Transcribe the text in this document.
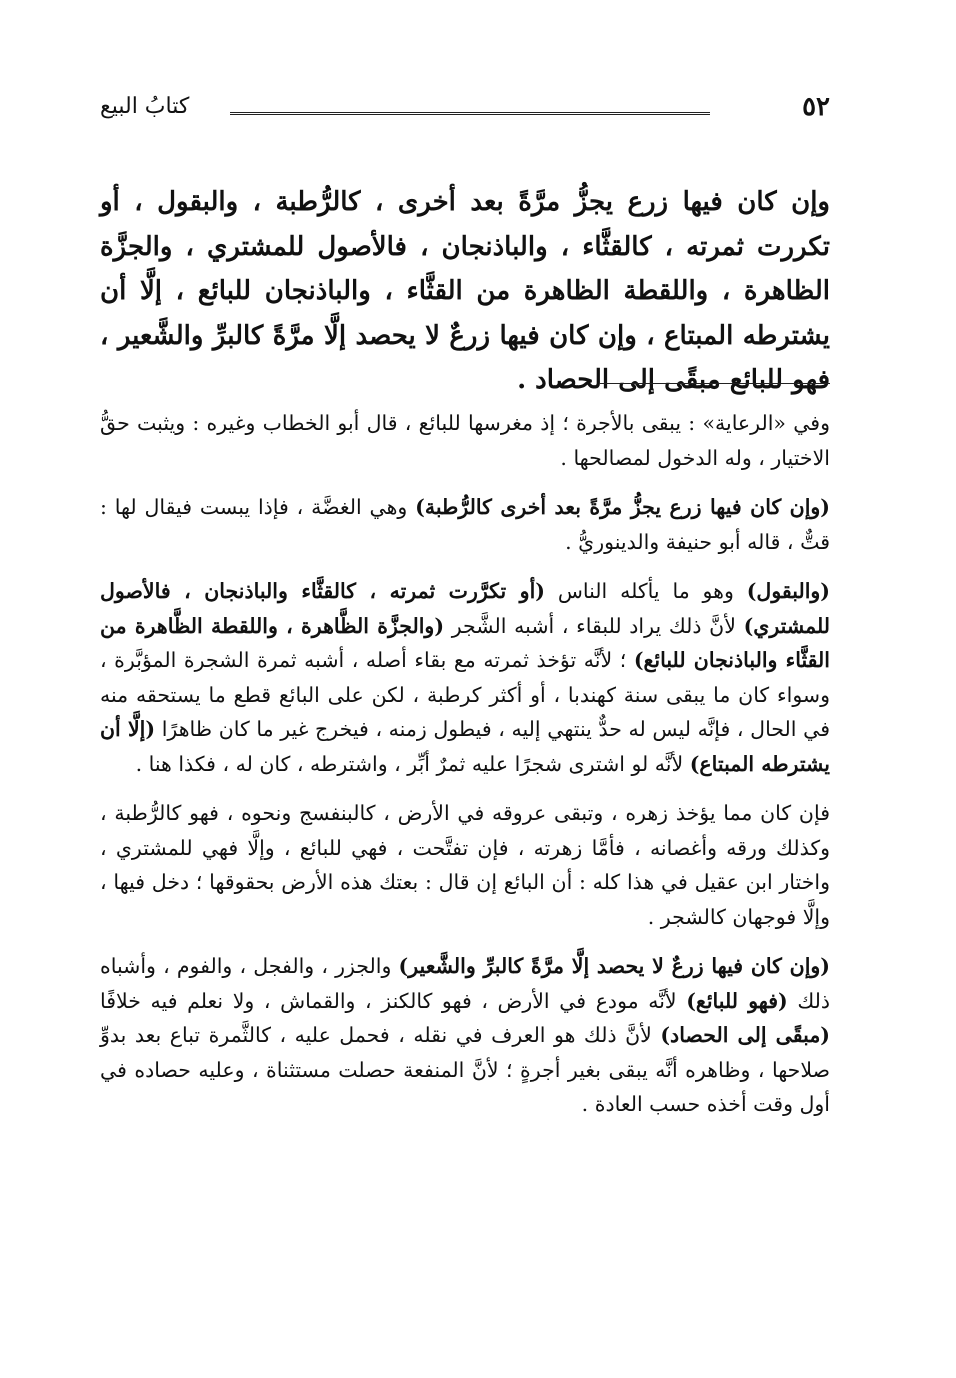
٥٢
كتابُ البيع
وإن كان فيها زرع يجزُّ مرَّةً بعد أخرى ، كالرُّطبة ، والبقول ، أو تكررت ثمرته ، كالقثَّاء ، والباذنجان ، فالأصول للمشتري ، والجزَّة الظاهرة ، واللقطة الظاهرة من القثَّاء ، والباذنجان للبائع ، إلَّا أن يشترطه المبتاع ، وإن كان فيها زرعٌ لا يحصد إلَّا مرَّةً كالبرِّ والشَّعير ، فهو للبائع مبقًى إلى الحصاد .

وفي «الرعاية» : يبقى بالأجرة ؛ إذ مغرسها للبائع ، قال أبو الخطاب وغيره : ويثبت حقُّ الاختيار ، وله الدخول لمصالحها .

(وإن كان فيها زرع يجزُّ مرَّةً بعد أخرى كالرُّطبة) وهي الغضَّة ، فإذا يبست فيقال لها : قتٌّ ، قاله أبو حنيفة والدينوريُّ .

(والبقول) وهو ما يأكله الناس (أو تكرَّرت ثمرته ، كالقثَّاء والباذنجان ، فالأصول للمشتري) لأنَّ ذلك يراد للبقاء ، أشبه الشَّجر (والجزَّة الظَّاهرة ، واللقطة الظَّاهرة من القثَّاء والباذنجان للبائع) ؛ لأنَّه تؤخذ ثمرته مع بقاء أصله ، أشبه ثمرة الشجرة المؤبَّرة ، وسواء كان ما يبقى سنة كهندبا ، أو أكثر كرطبة ، لكن على البائع قطع ما يستحقه منه في الحال ، فإنَّه ليس له حدٌّ ينتهي إليه ، فيطول زمنه ، فيخرج غير ما كان ظاهرًا (إلَّا أن يشترطه المبتاع) لأنَّه لو اشترى شجرًا عليه ثمرٌ أبِّر ، واشترطه ، كان له ، فكذا هنا .

فإن كان مما يؤخذ زهره ، وتبقى عروقه في الأرض ، كالبنفسج ونحوه ، فهو كالرُّطبة ، وكذلك ورقه وأغصانه ، فأمَّا زهرته ، فإن تفتَّحت ، فهي للبائع ، وإلَّا فهي للمشتري ، واختار ابن عقيل في هذا كله : أن البائع إن قال : بعتك هذه الأرض بحقوقها ؛ دخل فيها ، وإلَّا فوجهان كالشجر .

(وإن كان فيها زرعٌ لا يحصد إلَّا مرَّةً كالبرِّ والشَّعير) والجزر ، والفجل ، والفوم ، وأشباه ذلك (فهو للبائع) لأنَّه مودع في الأرض ، فهو كالكنز ، والقماش ، ولا نعلم فيه خلافًا (مبقًى إلى الحصاد) لأنَّ ذلك هو العرف في نقله ، فحمل عليه ، كالثَّمرة تباع بعد بدوِّ صلاحها ، وظاهره أنَّه يبقى بغير أجرةٍ ؛ لأنَّ المنفعة حصلت مستثناة ، وعليه حصاده في أول وقت أخذه حسب العادة .
